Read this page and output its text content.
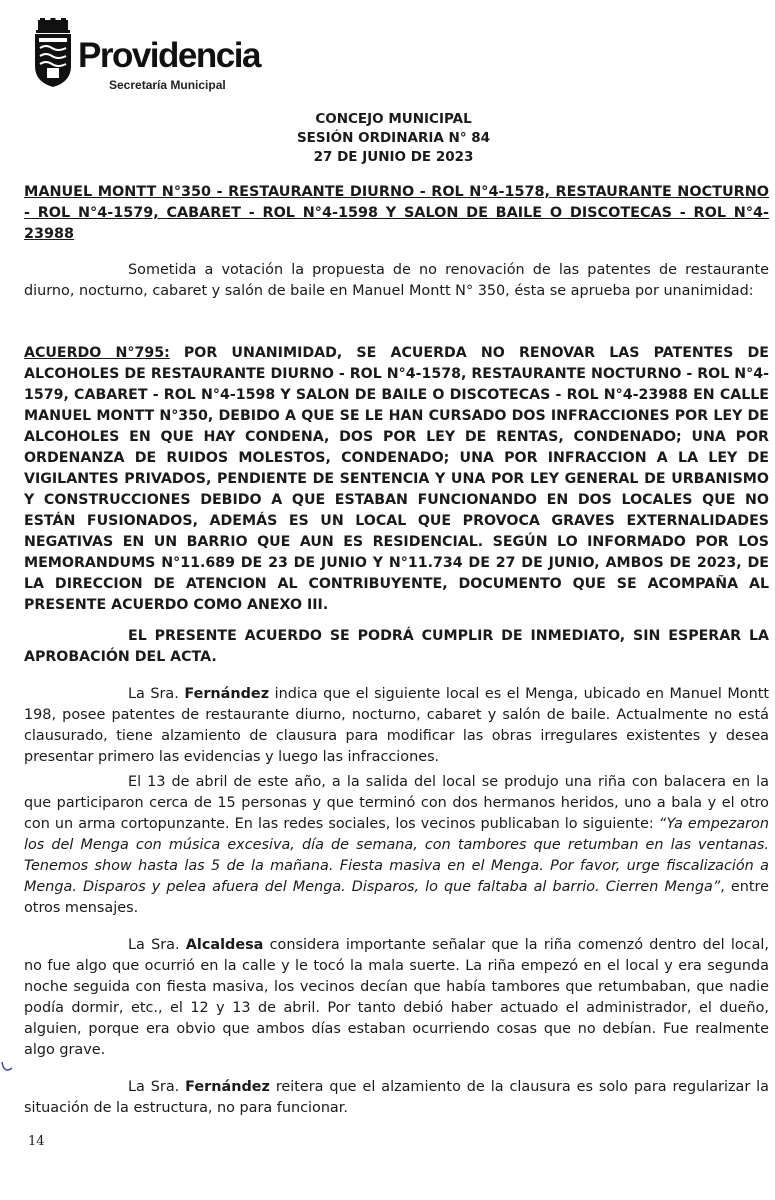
Providencia
Secretaría Municipal
CONCEJO MUNICIPAL
SESIÓN ORDINARIA N° 84
27 DE JUNIO DE 2023
MANUEL MONTT N°350 - RESTAURANTE DIURNO - ROL N°4-1578, RESTAURANTE NOCTURNO - ROL N°4-1579, CABARET - ROL N°4-1598 Y SALON DE BAILE O DISCOTECAS - ROL N°4-23988
Sometida a votación la propuesta de no renovación de las patentes de restaurante diurno, nocturno, cabaret y salón de baile en Manuel Montt N° 350, ésta se aprueba por unanimidad:
ACUERDO N°795: POR UNANIMIDAD, SE ACUERDA NO RENOVAR LAS PATENTES DE ALCOHOLES DE RESTAURANTE DIURNO - ROL N°4-1578, RESTAURANTE NOCTURNO - ROL N°4-1579, CABARET - ROL N°4-1598 Y SALON DE BAILE O DISCOTECAS - ROL N°4-23988 EN CALLE MANUEL MONTT N°350, DEBIDO A QUE SE LE HAN CURSADO DOS INFRACCIONES POR LEY DE ALCOHOLES EN QUE HAY CONDENA, DOS POR LEY DE RENTAS, CONDENADO; UNA POR ORDENANZA DE RUIDOS MOLESTOS, CONDENADO; UNA POR INFRACCION A LA LEY DE VIGILANTES PRIVADOS, PENDIENTE DE SENTENCIA Y UNA POR LEY GENERAL DE URBANISMO Y CONSTRUCCIONES DEBIDO A QUE ESTABAN FUNCIONANDO EN DOS LOCALES QUE NO ESTÁN FUSIONADOS, ADEMÁS ES UN LOCAL QUE PROVOCA GRAVES EXTERNALIDADES NEGATIVAS EN UN BARRIO QUE AUN ES RESIDENCIAL. SEGÚN LO INFORMADO POR LOS MEMORANDUMS N°11.689 DE 23 DE JUNIO Y N°11.734 DE 27 DE JUNIO, AMBOS DE 2023, DE LA DIRECCION DE ATENCION AL CONTRIBUYENTE, DOCUMENTO QUE SE ACOMPAÑA AL PRESENTE ACUERDO COMO ANEXO III.
EL PRESENTE ACUERDO SE PODRÁ CUMPLIR DE INMEDIATO, SIN ESPERAR LA APROBACIÓN DEL ACTA.
La Sra. Fernández indica que el siguiente local es el Menga, ubicado en Manuel Montt 198, posee patentes de restaurante diurno, nocturno, cabaret y salón de baile. Actualmente no está clausurado, tiene alzamiento de clausura para modificar las obras irregulares existentes y desea presentar primero las evidencias y luego las infracciones.
El 13 de abril de este año, a la salida del local se produjo una riña con balacera en la que participaron cerca de 15 personas y que terminó con dos hermanos heridos, uno a bala y el otro con un arma cortopunzante. En las redes sociales, los vecinos publicaban lo siguiente: “Ya empezaron los del Menga con música excesiva, día de semana, con tambores que retumban en las ventanas. Tenemos show hasta las 5 de la mañana. Fiesta masiva en el Menga. Por favor, urge fiscalización a Menga. Disparos y pelea afuera del Menga. Disparos, lo que faltaba al barrio. Cierren Menga”, entre otros mensajes.
La Sra. Alcaldesa considera importante señalar que la riña comenzó dentro del local, no fue algo que ocurrió en la calle y le tocó la mala suerte. La riña empezó en el local y era segunda noche seguida con fiesta masiva, los vecinos decían que había tambores que retumbaban, que nadie podía dormir, etc., el 12 y 13 de abril. Por tanto debió haber actuado el administrador, el dueño, alguien, porque era obvio que ambos días estaban ocurriendo cosas que no debían. Fue realmente algo grave.
La Sra. Fernández reitera que el alzamiento de la clausura es solo para regularizar la situación de la estructura, no para funcionar.
14
